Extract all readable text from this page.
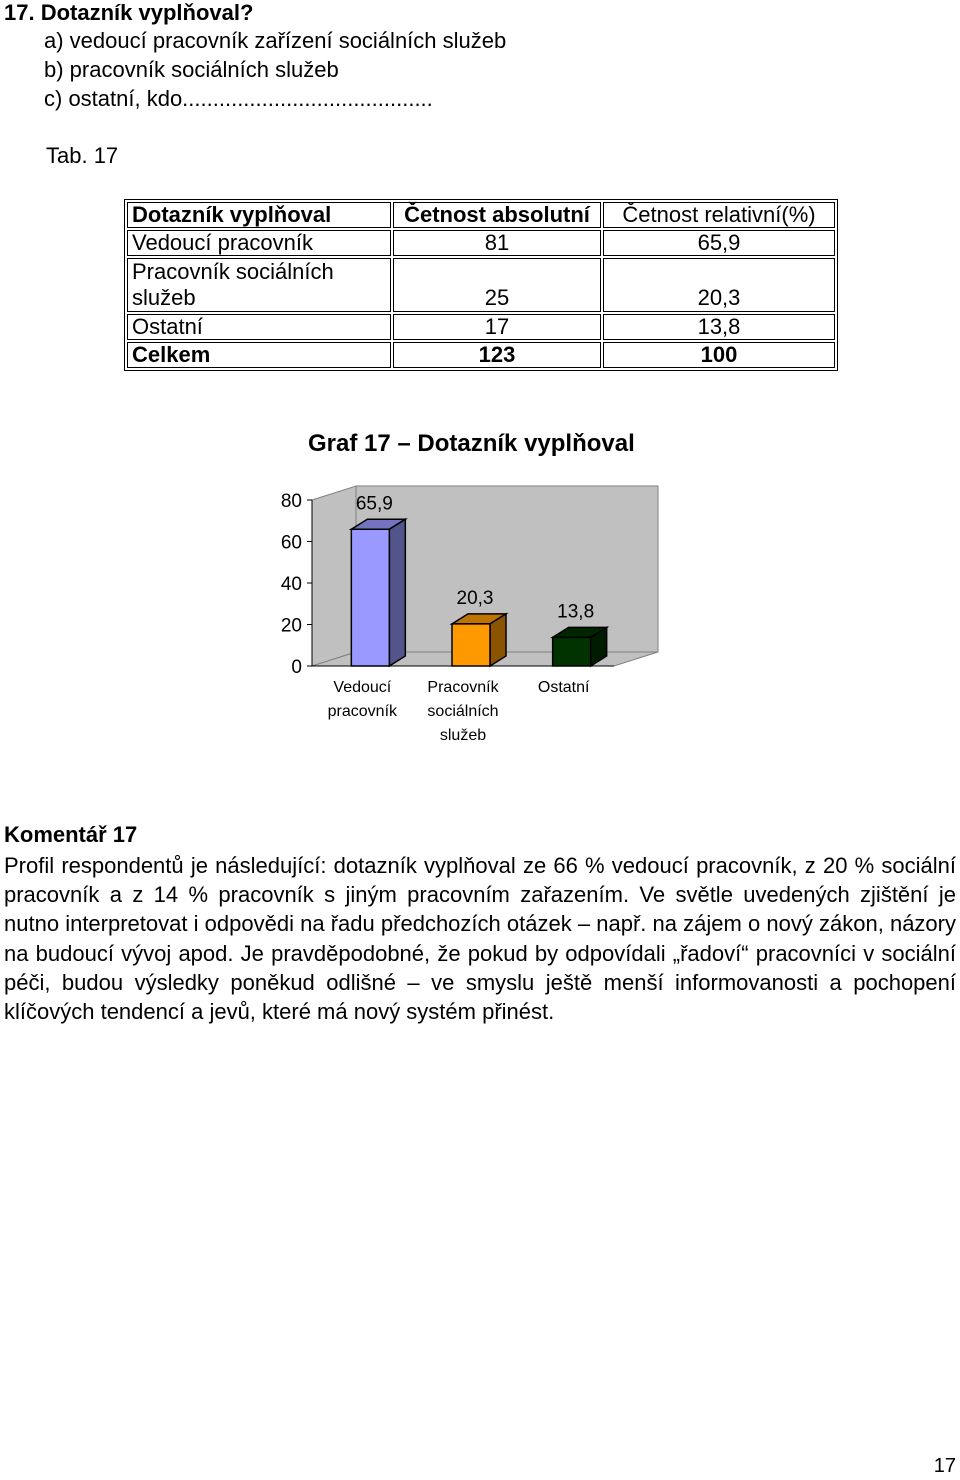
17. Dotazník vyplňoval?
a) vedoucí pracovník zařízení sociálních služeb
b) pracovník sociálních služeb
c) ostatní, kdo.........................................
Tab. 17
Dotazník vyplňoval	Četnost absolutní	Četnost relativní(%)
Vedoucí pracovník	81	65,9
Pracovník sociálních služeb	25	20,3
Ostatní	17	13,8
Celkem	123	100
Graf 17 – Dotazník vyplňoval
0
20
40
60
80	65,9
Vedoucí
pracovník
20,3
Pracovník
sociálních
služeb
13,8
Ostatní
Komentář 17
Profil respondentů je následující: dotazník vyplňoval ze 66 % vedoucí pracovník, z 20 % sociální pracovník a z 14 % pracovník s jiným pracovním zařazením. Ve světle uvedených zjištění je nutno interpretovat i odpovědi na řadu předchozích otázek – např. na zájem o nový zákon, názory na budoucí vývoj apod. Je pravděpodobné, že pokud by odpovídali „řadoví“ pracovníci v sociální péči, budou výsledky poněkud odlišné – ve smyslu ještě menší informovanosti a pochopení klíčových tendencí a jevů, které má nový systém přinést.
17
